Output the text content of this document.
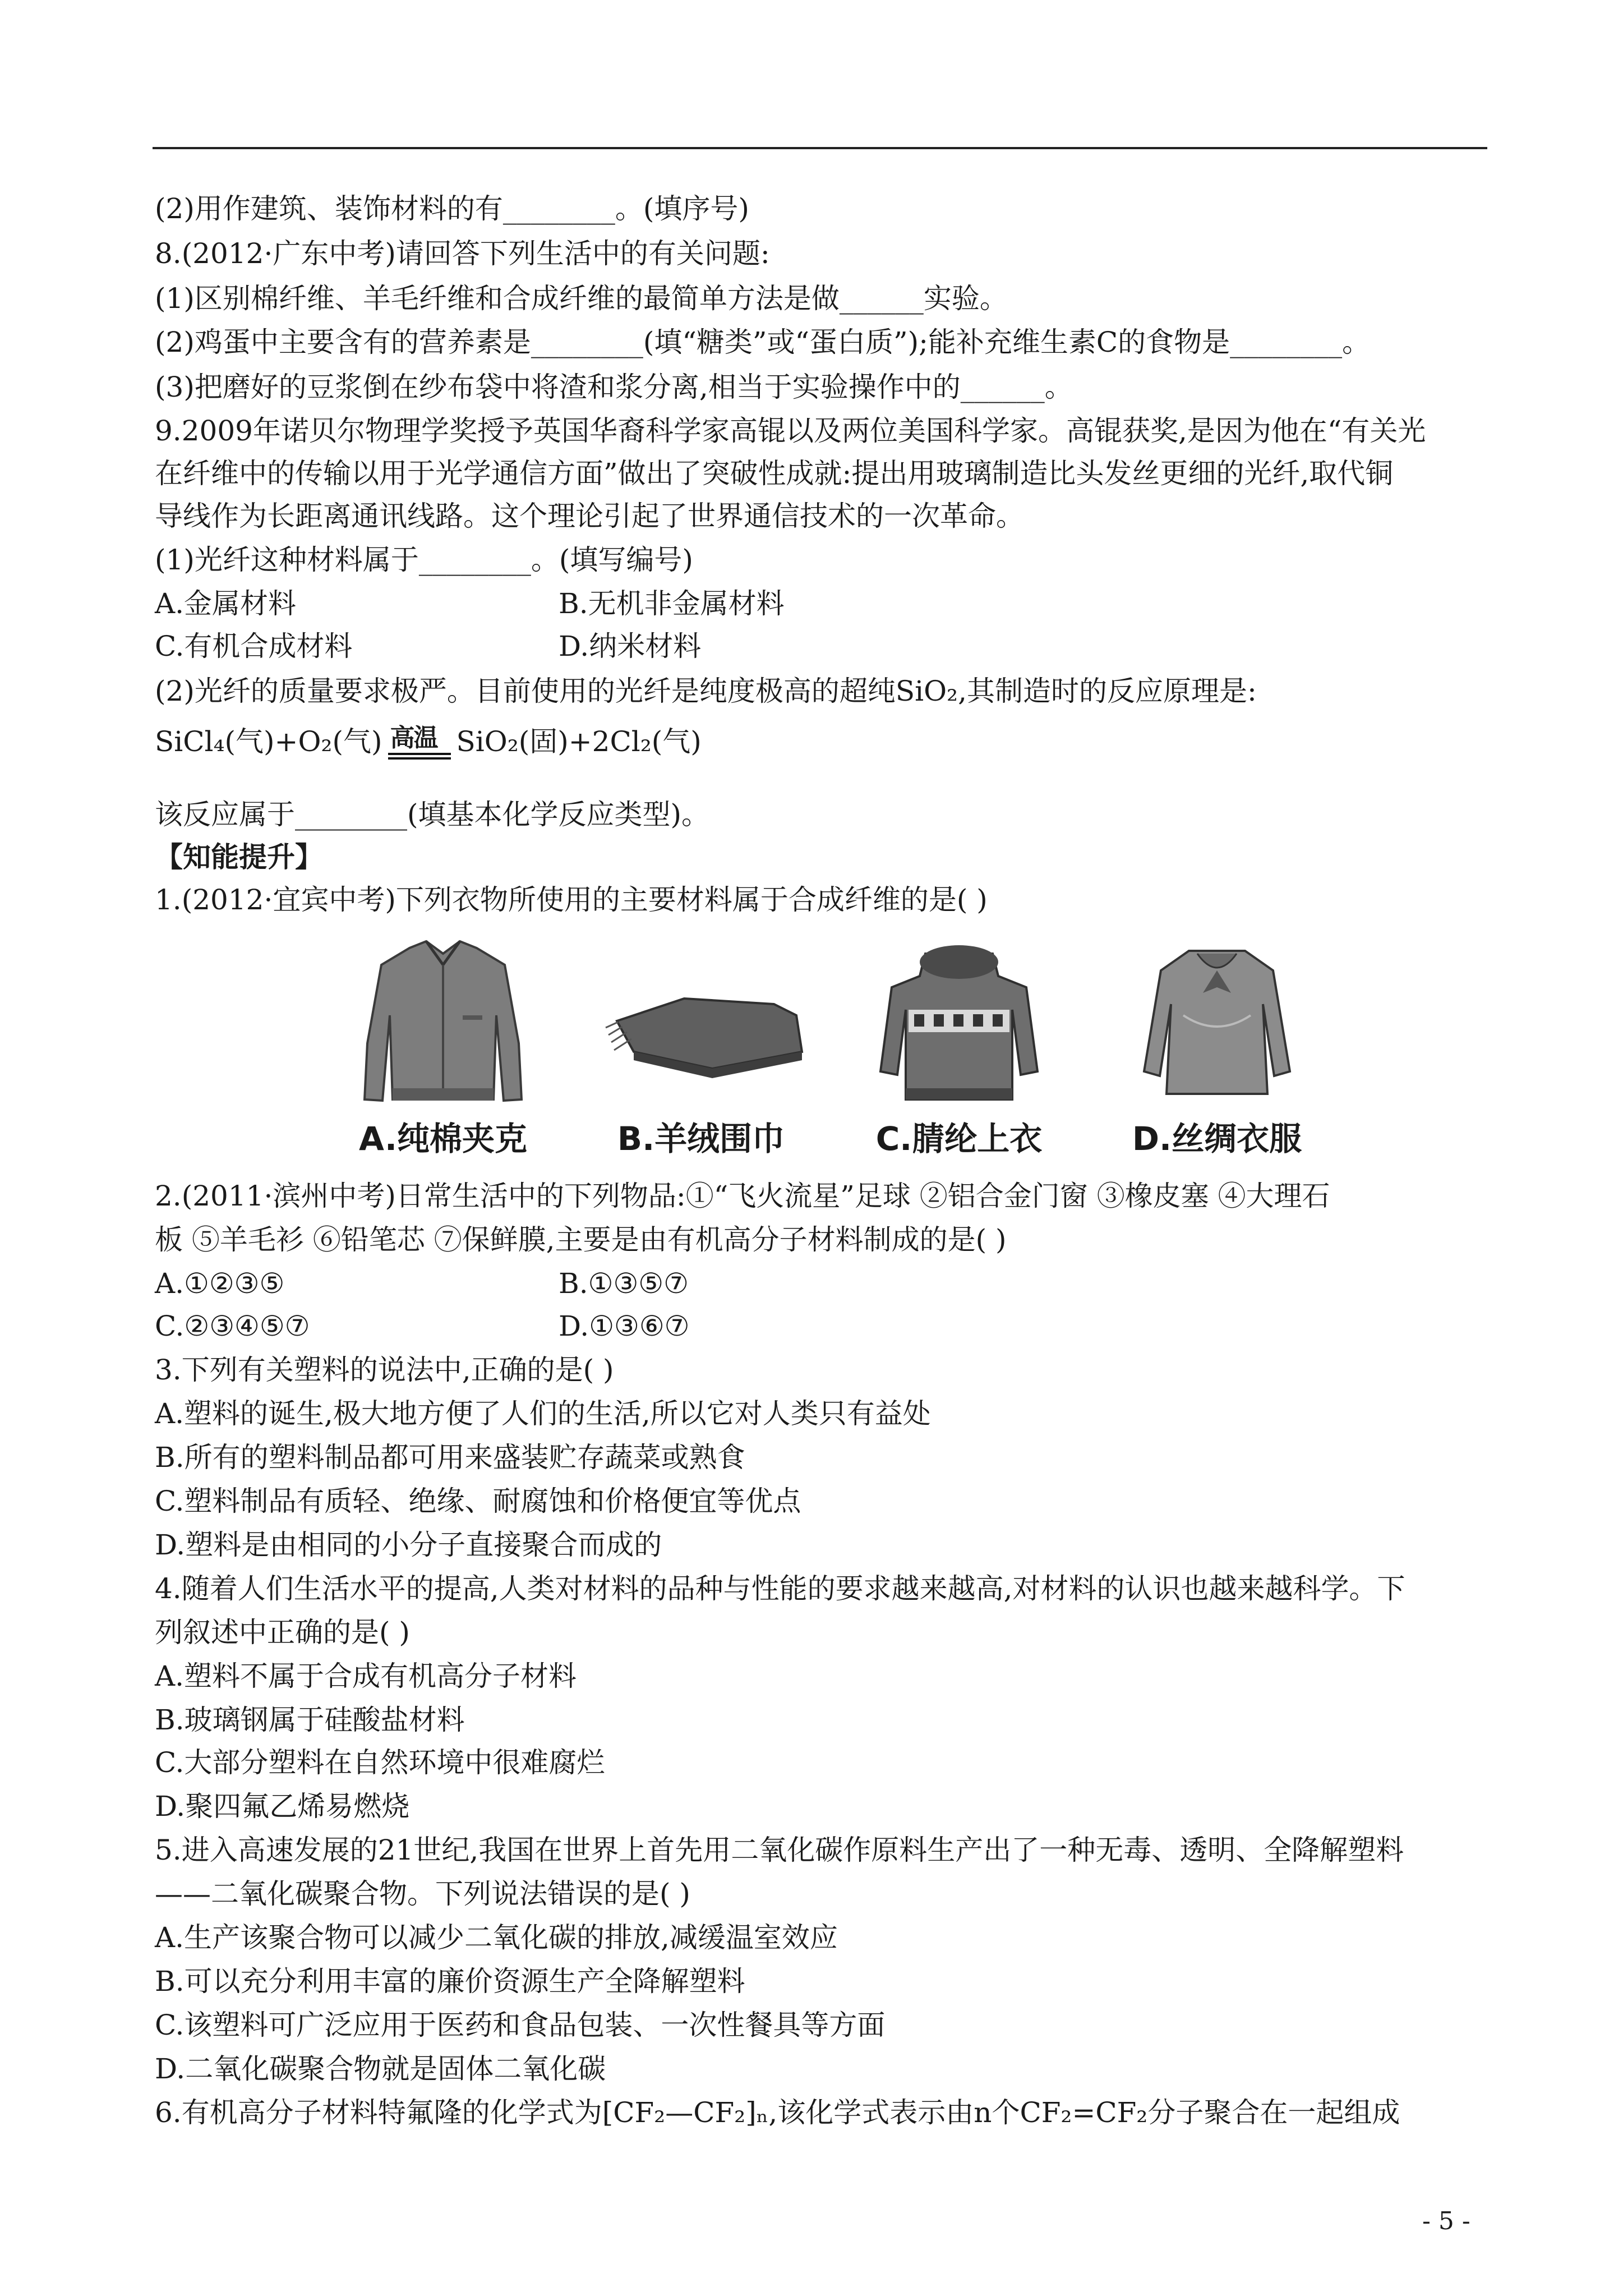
(2)用作建筑、装饰材料的有________。(填序号)
8.(2012·广东中考)请回答下列生活中的有关问题:
(1)区别棉纤维、羊毛纤维和合成纤维的最简单方法是做______实验。
(2)鸡蛋中主要含有的营养素是________(填“糖类”或“蛋白质”);能补充维生素C的食物是________。
(3)把磨好的豆浆倒在纱布袋中将渣和浆分离,相当于实验操作中的______。
9.2009年诺贝尔物理学奖授予英国华裔科学家高锟以及两位美国科学家。高锟获奖,是因为他在“有关光
在纤维中的传输以用于光学通信方面”做出了突破性成就:提出用玻璃制造比头发丝更细的光纤,取代铜
导线作为长距离通讯线路。这个理论引起了世界通信技术的一次革命。
(1)光纤这种材料属于________。(填写编号)
A.金属材料	B.无机非金属材料
C.有机合成材料	D.纳米材料
(2)光纤的质量要求极严。目前使用的光纤是纯度极高的超纯SiO₂,其制造时的反应原理是:
SiCl₄(气)+O₂(气) 高温 SiO₂(固)+2Cl₂(气)
该反应属于________(填基本化学反应类型)。
【知能提升】
1.(2012·宜宾中考)下列衣物所使用的主要材料属于合成纤维的是( )
A.纯棉夹克	B.羊绒围巾	C.腈纶上衣	D.丝绸衣服
2.(2011·滨州中考)日常生活中的下列物品:①“飞火流星”足球 ②铝合金门窗 ③橡皮塞 ④大理石
板 ⑤羊毛衫 ⑥铅笔芯 ⑦保鲜膜,主要是由有机高分子材料制成的是( )
A.①②③⑤	B.①③⑤⑦
C.②③④⑤⑦	D.①③⑥⑦
3.下列有关塑料的说法中,正确的是( )
A.塑料的诞生,极大地方便了人们的生活,所以它对人类只有益处
B.所有的塑料制品都可用来盛装贮存蔬菜或熟食
C.塑料制品有质轻、绝缘、耐腐蚀和价格便宜等优点
D.塑料是由相同的小分子直接聚合而成的
4.随着人们生活水平的提高,人类对材料的品种与性能的要求越来越高,对材料的认识也越来越科学。下
列叙述中正确的是( )
A.塑料不属于合成有机高分子材料
B.玻璃钢属于硅酸盐材料
C.大部分塑料在自然环境中很难腐烂
D.聚四氟乙烯易燃烧
5.进入高速发展的21世纪,我国在世界上首先用二氧化碳作原料生产出了一种无毒、透明、全降解塑料
——二氧化碳聚合物。下列说法错误的是( )
A.生产该聚合物可以减少二氧化碳的排放,减缓温室效应
B.可以充分利用丰富的廉价资源生产全降解塑料
C.该塑料可广泛应用于医药和食品包装、一次性餐具等方面
D.二氧化碳聚合物就是固体二氧化碳
6.有机高分子材料特氟隆的化学式为[CF₂—CF₂]ₙ,该化学式表示由n个CF₂=CF₂分子聚合在一起组成
- 5 -
